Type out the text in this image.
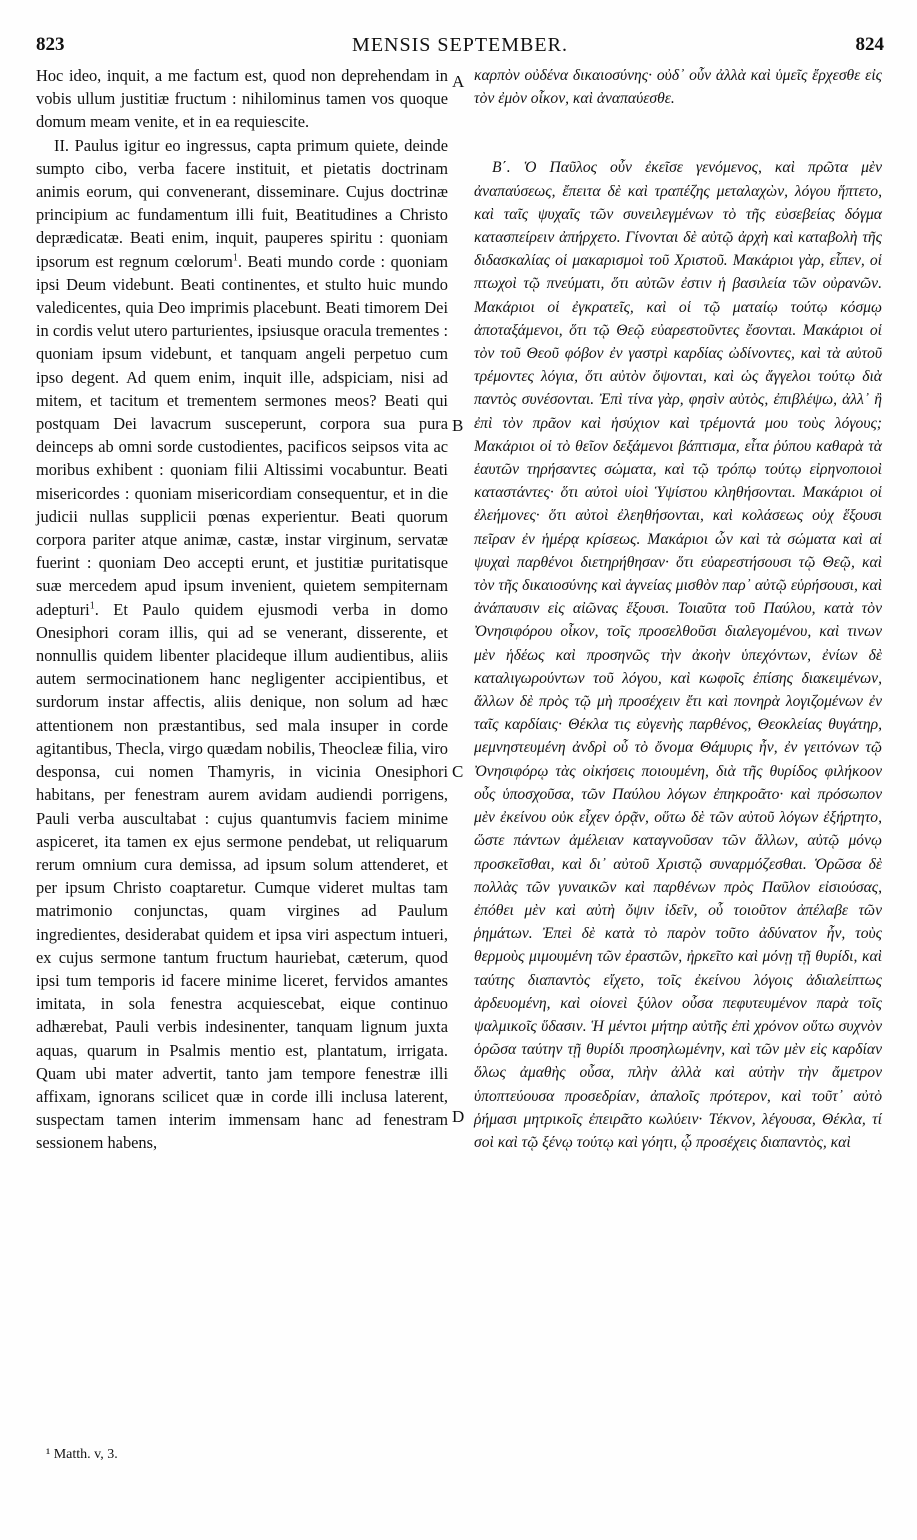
823	MENSIS SEPTEMBER.	824

Hoc ideo, inquit, a me factum est, quod non deprehendam in vobis ullum justitiæ fructum : nihilominus tamen vos quoque domum meam venite, et in ea requiescite.

II. Paulus igitur eo ingressus, capta primum quiete, deinde sumpto cibo, verba facere instituit, et pietatis doctrinam animis eorum, qui convenerant, disseminare. Cujus doctrinæ principium ac fundamentum illi fuit, Beatitudines a Christo deprædicatæ. Beati enim, inquit, pauperes spiritu : quoniam ipsorum est regnum cœlorum$^1$. Beati mundo corde : quoniam ipsi Deum videbunt. Beati continentes, et stulto huic mundo valedicentes, quia Deo imprimis placebunt. Beati timorem Dei in cordis velut utero parturientes, ipsiusque oracula trementes : quoniam ipsum videbunt, et tanquam angeli perpetuo cum ipso degent. Ad quem enim, inquit ille, adspiciam, nisi ad mitem, et tacitum et trementem sermones meos? Beati qui postquam Dei lavacrum susceperunt, corpora sua pura deinceps ab omni sorde custodientes, pacificos seipsos vita ac moribus exhibent : quoniam filii Altissimi vocabuntur. Beati misericordes : quoniam misericordiam consequentur, et in die judicii nullas supplicii pœnas experientur. Beati quorum corpora pariter atque animæ, castæ, instar virginum, servatæ fuerint : quoniam Deo accepti erunt, et justitiæ puritatisque suæ mercedem apud ipsum invenient, quietem sempiternam adepturi$^1$. Et Paulo quidem ejusmodi verba in domo Onesiphori coram illis, qui ad se venerant, disserente, et nonnullis quidem libenter placideque illum audientibus, aliis autem sermocinationem hanc negligenter accipientibus, et surdorum instar affectis, aliis denique, non solum ad hæc attentionem non præstantibus, sed mala insuper in corde agitantibus, Thecla, virgo quædam nobilis, Theocleæ filia, viro desponsa, cui nomen Thamyris, in vicinia Onesiphori habitans, per fenestram aurem avidam audiendi porrigens, Pauli verba auscultabat : cujus quantumvis faciem minime aspiceret, ita tamen ex ejus sermone pendebat, ut reliquarum rerum omnium cura demissa, ad ipsum solum attenderet, et per ipsum Christo coaptaretur. Cumque videret multas tam matrimonio conjunctas, quam virgines ad Paulum ingredientes, desiderabat quidem et ipsa viri aspectum intueri, ex cujus sermone tantum fructum hauriebat, cæterum, quod ipsi tum temporis id facere minime liceret, fervidos amantes imitata, in sola fenestra acquiescebat, eique continuo adhærebat, Pauli verbis indesinenter, tanquam lignum juxta aquas, quarum in Psalmis mentio est, plantatum, irrigata. Quam ubi mater advertit, tanto jam tempore fenestræ illi affixam, ignorans scilicet quæ in corde illi inclusa laterent, suspectam tamen interim immensam hanc ad fenestram sessionem habens,

A
B
C
D

καρπὸν οὐδένα δικαιοσύνης· οὐδ᾽ οὖν ἀλλὰ καὶ ὑμεῖς ἔρχεσθε εἰς τὸν ἐμὸν οἶκον, καὶ ἀναπαύεσθε.

Β΄. Ὁ Παῦλος οὖν ἐκεῖσε γενόμενος, καὶ πρῶτα μὲν ἀναπαύσεως, ἔπειτα δὲ καὶ τραπέζης μεταλαχὼν, λόγου ἥπτετο, καὶ ταῖς ψυχαῖς τῶν συνειλεγμένων τὸ τῆς εὐσεβείας δόγμα κατασπείρειν ἀπήρχετο. Γίνονται δὲ αὐτῷ ἀρχὴ καὶ καταβολὴ τῆς διδασκαλίας οἱ μακαρισμοὶ τοῦ Χριστοῦ. Μακάριοι γὰρ, εἶπεν, οἱ πτωχοὶ τῷ πνεύματι, ὅτι αὐτῶν ἐστιν ἡ βασιλεία τῶν οὐρανῶν. Μακάριοι οἱ ἐγκρατεῖς, καὶ οἱ τῷ ματαίῳ τούτῳ κόσμῳ ἀποταξάμενοι, ὅτι τῷ Θεῷ εὐαρεστοῦντες ἔσονται. Μακάριοι οἱ τὸν τοῦ Θεοῦ φόβον ἐν γαστρὶ καρδίας ὠδίνοντες, καὶ τὰ αὐτοῦ τρέμοντες λόγια, ὅτι αὐτὸν ὄψονται, καὶ ὡς ἄγγελοι τούτῳ διὰ παντὸς συνέσονται. Ἐπὶ τίνα γὰρ, φησὶν αὐτὸς, ἐπιβλέψω, ἀλλ᾽ ἢ ἐπὶ τὸν πρᾶον καὶ ἡσύχιον καὶ τρέμοντά μου τοὺς λόγους; Μακάριοι οἱ τὸ θεῖον δεξάμενοι βάπτισμα, εἶτα ῥύπου καθαρὰ τὰ ἑαυτῶν τηρήσαντες σώματα, καὶ τῷ τρόπῳ τούτῳ εἰρηνοποιοὶ καταστάντες· ὅτι αὐτοὶ υἱοὶ Ὑψίστου κληθήσονται. Μακάριοι οἱ ἐλεήμονες· ὅτι αὐτοὶ ἐλεηθήσονται, καὶ κολάσεως οὐχ ἕξουσι πεῖραν ἐν ἡμέρᾳ κρίσεως. Μακάριοι ὧν καὶ τὰ σώματα καὶ αἱ ψυχαὶ παρθένοι διετηρήθησαν· ὅτι εὐαρεστήσουσι τῷ Θεῷ, καὶ τὸν τῆς δικαιοσύνης καὶ ἁγνείας μισθὸν παρ᾽ αὐτῷ εὑρήσουσι, καὶ ἀνάπαυσιν εἰς αἰῶνας ἕξουσι. Τοιαῦτα τοῦ Παύλου, κατὰ τὸν Ὀνησιφόρου οἶκον, τοῖς προσελθοῦσι διαλεγομένου, καὶ τινων μὲν ἡδέως καὶ προσηνῶς τὴν ἀκοὴν ὑπεχόντων, ἐνίων δὲ καταλιγωρούντων τοῦ λόγου, καὶ κωφοῖς ἐπίσης διακειμένων, ἄλλων δὲ πρὸς τῷ μὴ προσέχειν ἔτι καὶ πονηρὰ λογιζομένων ἐν ταῖς καρδίαις· Θέκλα τις εὐγενὴς παρθένος, Θεοκλείας θυγάτηρ, μεμνηστευμένη ἀνδρὶ οὗ τὸ ὄνομα Θάμυρις ἦν, ἐν γειτόνων τῷ Ὀνησιφόρῳ τὰς οἰκήσεις ποιουμένη, διὰ τῆς θυρίδος φιλήκοον οὖς ὑποσχοῦσα, τῶν Παύλου λόγων ἐπηκροᾶτο· καὶ πρόσωπον μὲν ἐκείνου οὐκ εἶχεν ὁρᾷν, οὕτω δὲ τῶν αὐτοῦ λόγων ἐξήρτητο, ὥστε πάντων ἀμέλειαν καταγνοῦσαν τῶν ἄλλων, αὐτῷ μόνῳ προσκεῖσθαι, καὶ δι᾽ αὐτοῦ Χριστῷ συναρμόζεσθαι. Ὁρῶσα δὲ πολλὰς τῶν γυναικῶν καὶ παρθένων πρὸς Παῦλον εἰσιούσας, ἐπόθει μὲν καὶ αὐτὴ ὄψιν ἰδεῖν, οὗ τοιοῦτον ἀπέλαβε τῶν ῥημάτων. Ἐπεὶ δὲ κατὰ τὸ παρὸν τοῦτο ἀδύνατον ἦν, τοὺς θερμοὺς μιμουμένη τῶν ἐραστῶν, ἠρκεῖτο καὶ μόνῃ τῇ θυρίδι, καὶ ταύτης διαπαντὸς εἴχετο, τοῖς ἐκείνου λόγοις ἀδιαλείπτως ἀρδευομένη, καὶ οἱονεὶ ξύλον οὖσα πεφυτευμένον παρὰ τοῖς ψαλμικοῖς ὕδασιν. Ἡ μέντοι μήτηρ αὐτῆς ἐπὶ χρόνον οὕτω συχνὸν ὁρῶσα ταύτην τῇ θυρίδι προσηλωμένην, καὶ τῶν μὲν εἰς καρδίαν ὅλως ἀμαθὴς οὖσα, πλὴν ἀλλὰ καὶ αὐτὴν τὴν ἄμετρον ὑποπτεύουσα προσεδρίαν, ἀπαλοῖς πρότερον, καὶ τοῦτ᾽ αὐτὸ ῥήμασι μητρικοῖς ἐπειρᾶτο κωλύειν· Τέκνον, λέγουσα, Θέκλα, τί σοὶ καὶ τῷ ξένῳ τούτῳ καὶ γόητι, ᾧ προσέχεις διαπαντὸς, καὶ

¹ Matth. v, 3.
